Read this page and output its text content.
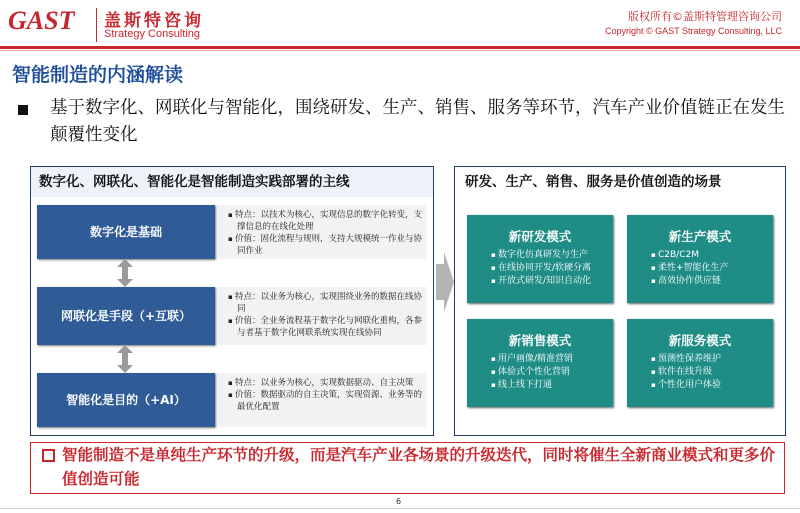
GAST 盖斯特咨询
Strategy Consulting
版权所有©盖斯特管理咨询公司
Copyright © GAST Strategy Consulting, LLC
智能制造的内涵解读
基于数字化、网联化与智能化，围绕研发、生产、销售、服务等环节，汽车产业价值链正在发生颠覆性变化
数字化、网联化、智能化是智能制造实践部署的主线
数字化是基础
▪ 特点：以技术为核心，实现信息的数字化转变，支撑信息的在线化处理
▪ 价值：固化流程与规则，支持大规模统一作业与协同作业
网联化是手段（+互联）
▪ 特点：以业务为核心，实现围绕业务的数据在线协同
▪ 价值：全业务流程基于数字化与网联化重构，各参与者基于数字化网联系统实现在线协同
智能化是目的（+AI）
▪ 特点：以业务为核心，实现数据驱动、自主决策
▪ 价值：数据驱动的自主决策，实现资源、业务等的最优化配置
研发、生产、销售、服务是价值创造的场景
新研发模式
▪ 数字化仿真研发与生产
▪ 在线协同开发/软硬分离
▪ 开放式研发/知识自动化
新生产模式
▪ C2B/C2M
▪ 柔性+智能化生产
▪ 高效协作供应链
新销售模式
▪ 用户画像/精准营销
▪ 体验式个性化营销
▪ 线上线下打通
新服务模式
▪ 预测性保养维护
▪ 软件在线升级
▪ 个性化用户体验
智能制造不是单纯生产环节的升级，而是汽车产业各场景的升级迭代，同时将催生全新商业模式和更多价值创造可能
6
